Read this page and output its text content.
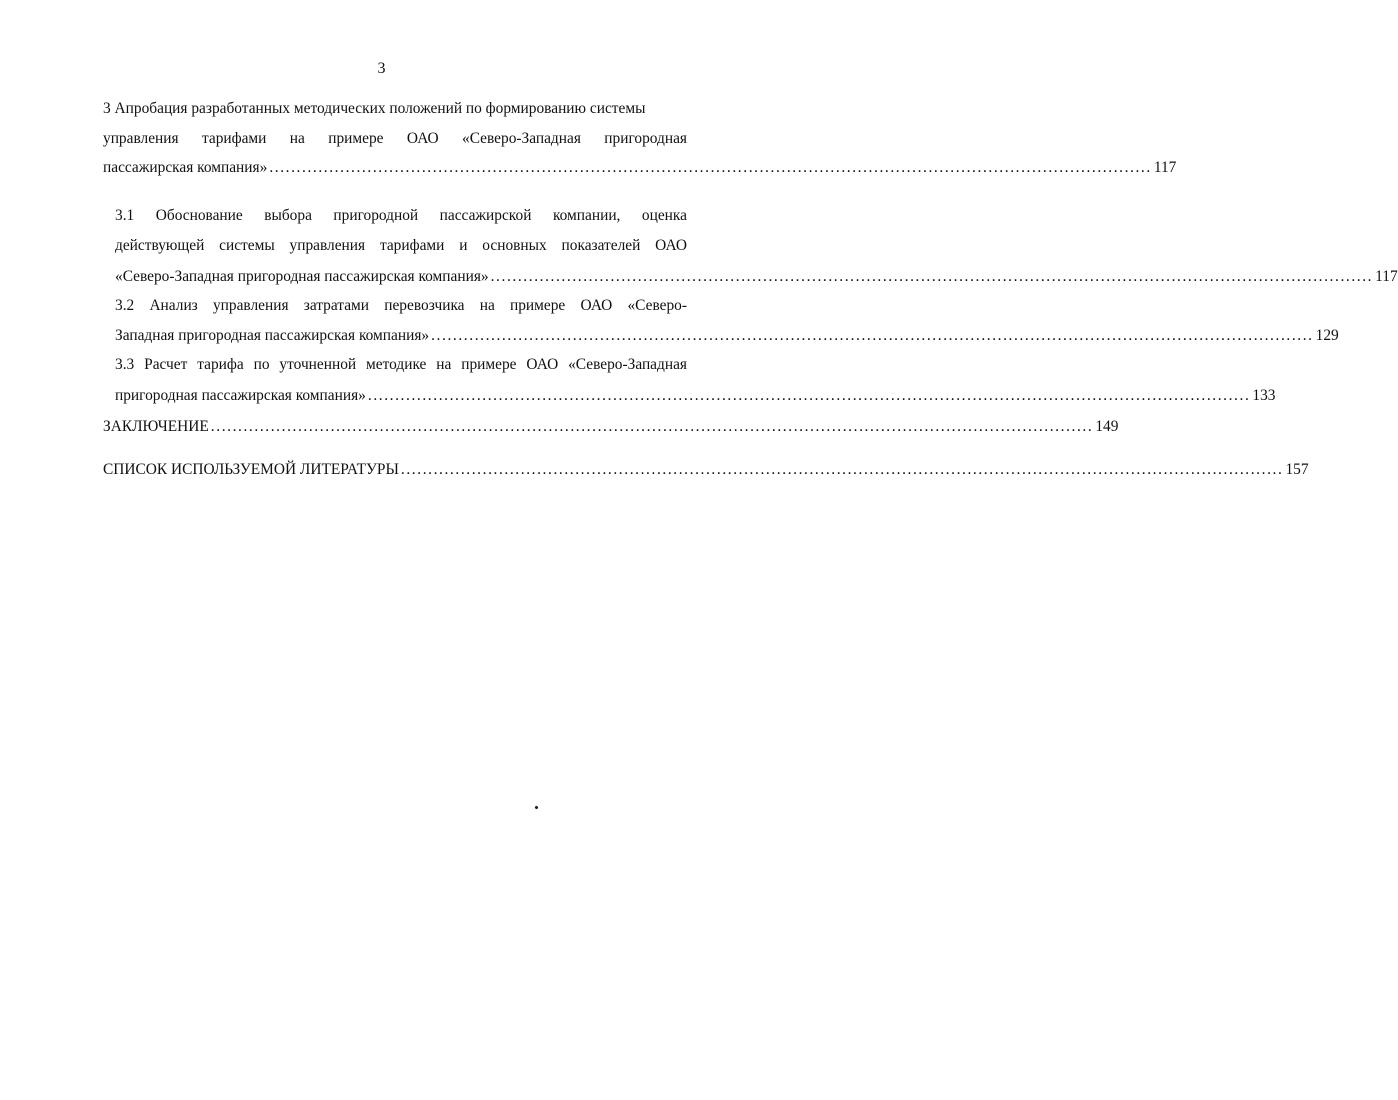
3
3 Апробация разработанных методических положений по формированию системы
управления тарифами на примере ОАО «Северо-Западная пригородная
пассажирская компания» .................................................................................................................................................................. 117
3.1 Обоснование выбора пригородной пассажирской компании, оценка
действующей системы управления тарифами и основных показателей ОАО
«Северо-Западная пригородная пассажирская компания» .................................................................................................................................................................. 117
3.2 Анализ управления затратами перевозчика на примере ОАО «Северо-
Западная пригородная пассажирская компания» .................................................................................................................................................................. 129
3.3 Расчет тарифа по уточненной методике на примере ОАО «Северо-Западная
пригородная пассажирская компания» .................................................................................................................................................................. 133
ЗАКЛЮЧЕНИЕ .................................................................................................................................................................. 149
СПИСОК ИСПОЛЬЗУЕМОЙ ЛИТЕРАТУРЫ .................................................................................................................................................................. 157
